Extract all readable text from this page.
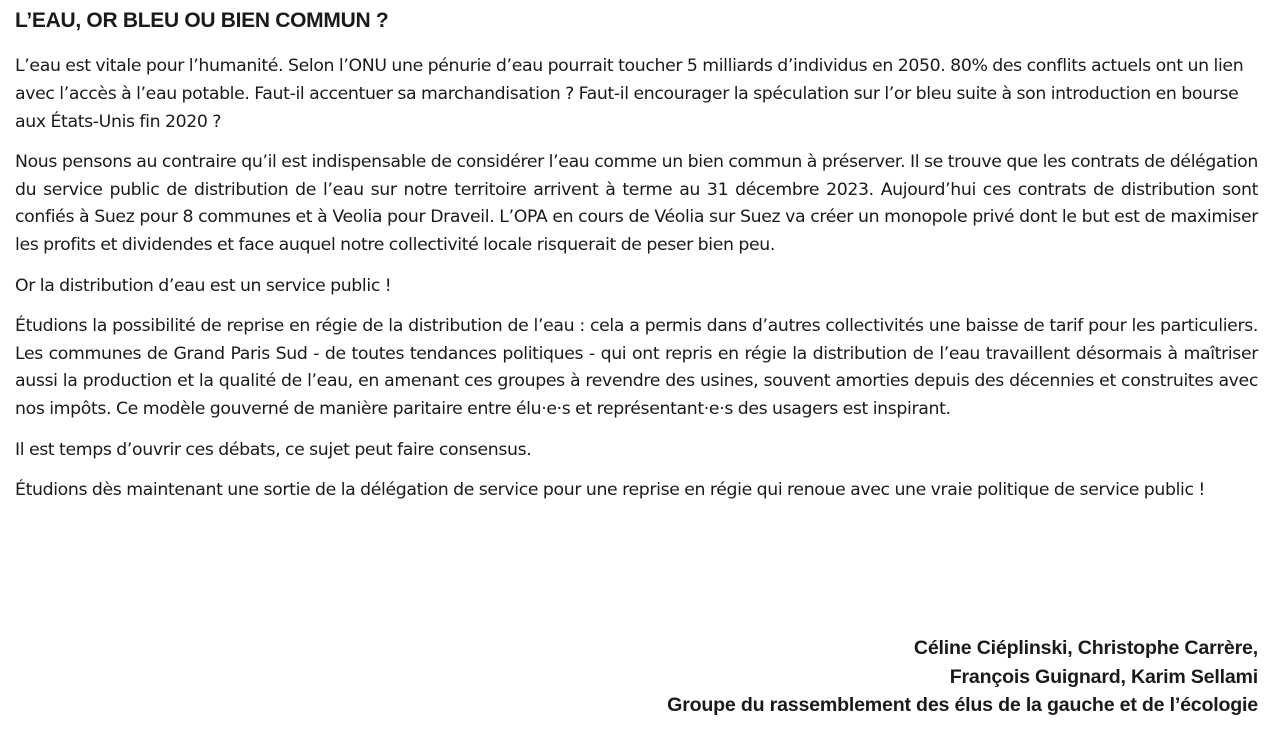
L’EAU, OR BLEU OU BIEN COMMUN ?

L’eau est vitale pour l’humanité. Selon l’ONU une pénurie d’eau pourrait toucher 5 milliards d’individus en 2050. 80% des conflits actuels ont un lien avec l’accès à l’eau potable. Faut-il accentuer sa marchandisation ? Faut-il encourager la spéculation sur l’or bleu suite à son introduction en bourse aux États-Unis fin 2020 ?

Nous pensons au contraire qu’il est indispensable de considérer l’eau comme un bien commun à préserver. Il se trouve que les contrats de délégation du service public de distribution de l’eau sur notre territoire arrivent à terme au 31 décembre 2023. Aujourd’hui ces contrats de distribution sont confiés à Suez pour 8 communes et à Veolia pour Draveil. L’OPA en cours de Véolia sur Suez va créer un monopole privé dont le but est de maximiser les profits et dividendes et face auquel notre collectivité locale risquerait de peser bien peu.

Or la distribution d’eau est un service public !

Étudions la possibilité de reprise en régie de la distribution de l’eau : cela a permis dans d’autres collectivités une baisse de tarif pour les particuliers. Les communes de Grand Paris Sud - de toutes tendances politiques - qui ont repris en régie la distribution de l’eau travaillent désormais à maîtriser aussi la production et la qualité de l’eau, en amenant ces groupes à revendre des usines, souvent amorties depuis des décennies et construites avec nos impôts. Ce modèle gouverné de manière paritaire entre élu·e·s et représentant·e·s des usagers est inspirant.

Il est temps d’ouvrir ces débats, ce sujet peut faire consensus.

Étudions dès maintenant une sortie de la délégation de service pour une reprise en régie qui renoue avec une vraie politique de service public !

Céline Ciéplinski, Christophe Carrère,
François Guignard, Karim Sellami
Groupe du rassemblement des élus de la gauche et de l’écologie
